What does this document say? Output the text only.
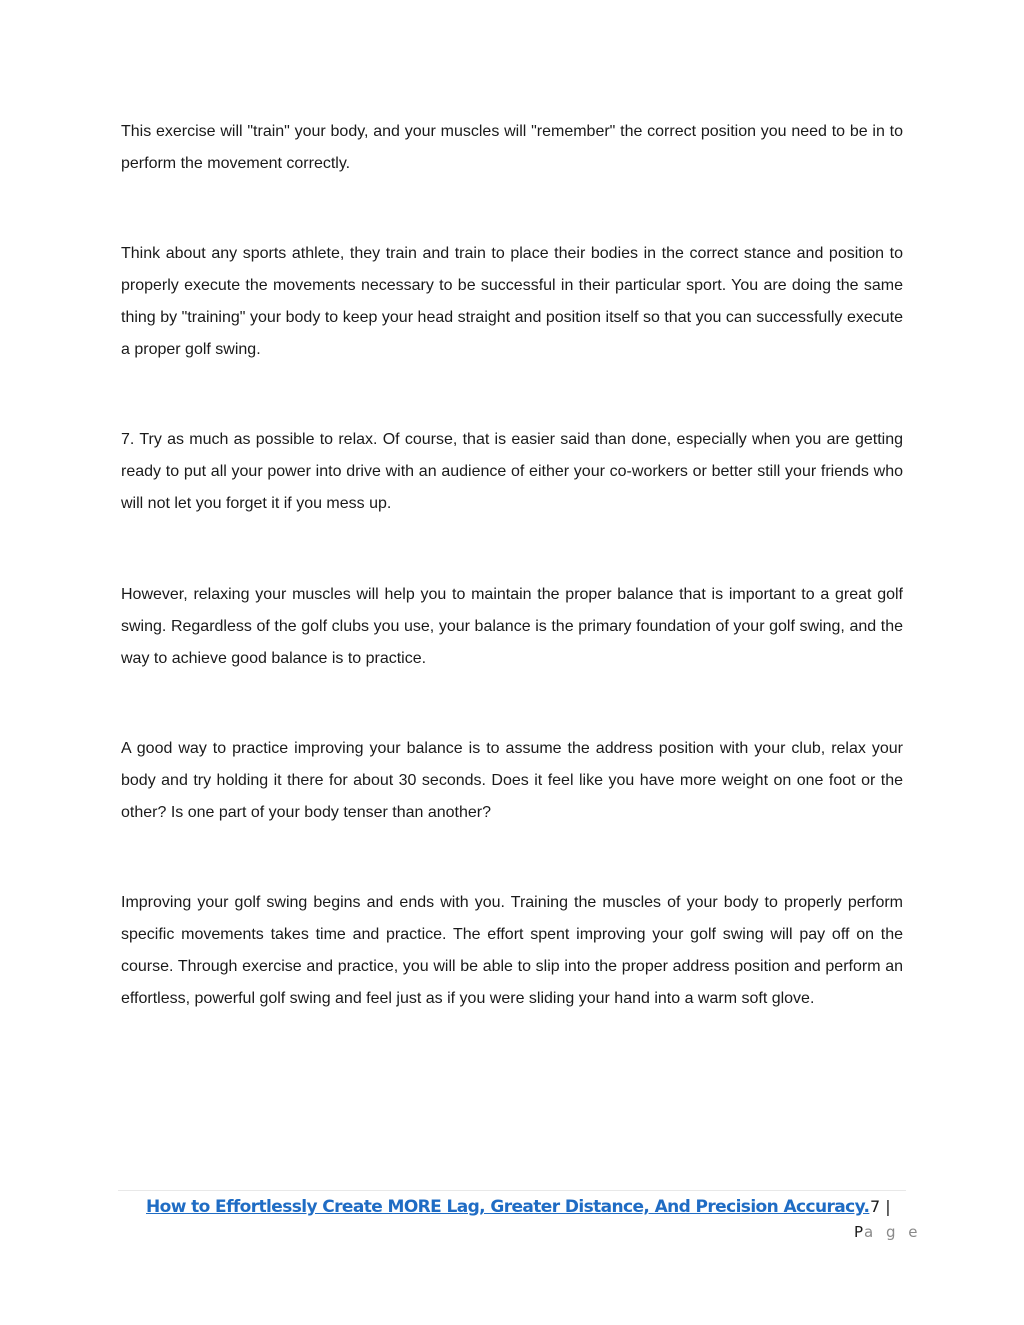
This exercise will "train" your body, and your muscles will "remember" the correct position you need to be in to perform the movement correctly.

Think about any sports athlete, they train and train to place their bodies in the correct stance and position to properly execute the movements necessary to be successful in their particular sport. You are doing the same thing by "training" your body to keep your head straight and position itself so that you can successfully execute a proper golf swing.

7. Try as much as possible to relax. Of course, that is easier said than done, especially when you are getting ready to put all your power into drive with an audience of either your co-workers or better still your friends who will not let you forget it if you mess up.

However, relaxing your muscles will help you to maintain the proper balance that is important to a great golf swing. Regardless of the golf clubs you use, your balance is the primary foundation of your golf swing, and the way to achieve good balance is to practice.

A good way to practice improving your balance is to assume the address position with your club, relax your body and try holding it there for about 30 seconds. Does it feel like you have more weight on one foot or the other? Is one part of your body tenser than another?

Improving your golf swing begins and ends with you. Training the muscles of your body to properly perform specific movements takes time and practice. The effort spent improving your golf swing will pay off on the course. Through exercise and practice, you will be able to slip into the proper address position and perform an effortless, powerful golf swing and feel just as if you were sliding your hand into a warm soft glove.

How to Effortlessly Create MORE Lag, Greater Distance, And Precision Accuracy. 7 |
Pa g e
